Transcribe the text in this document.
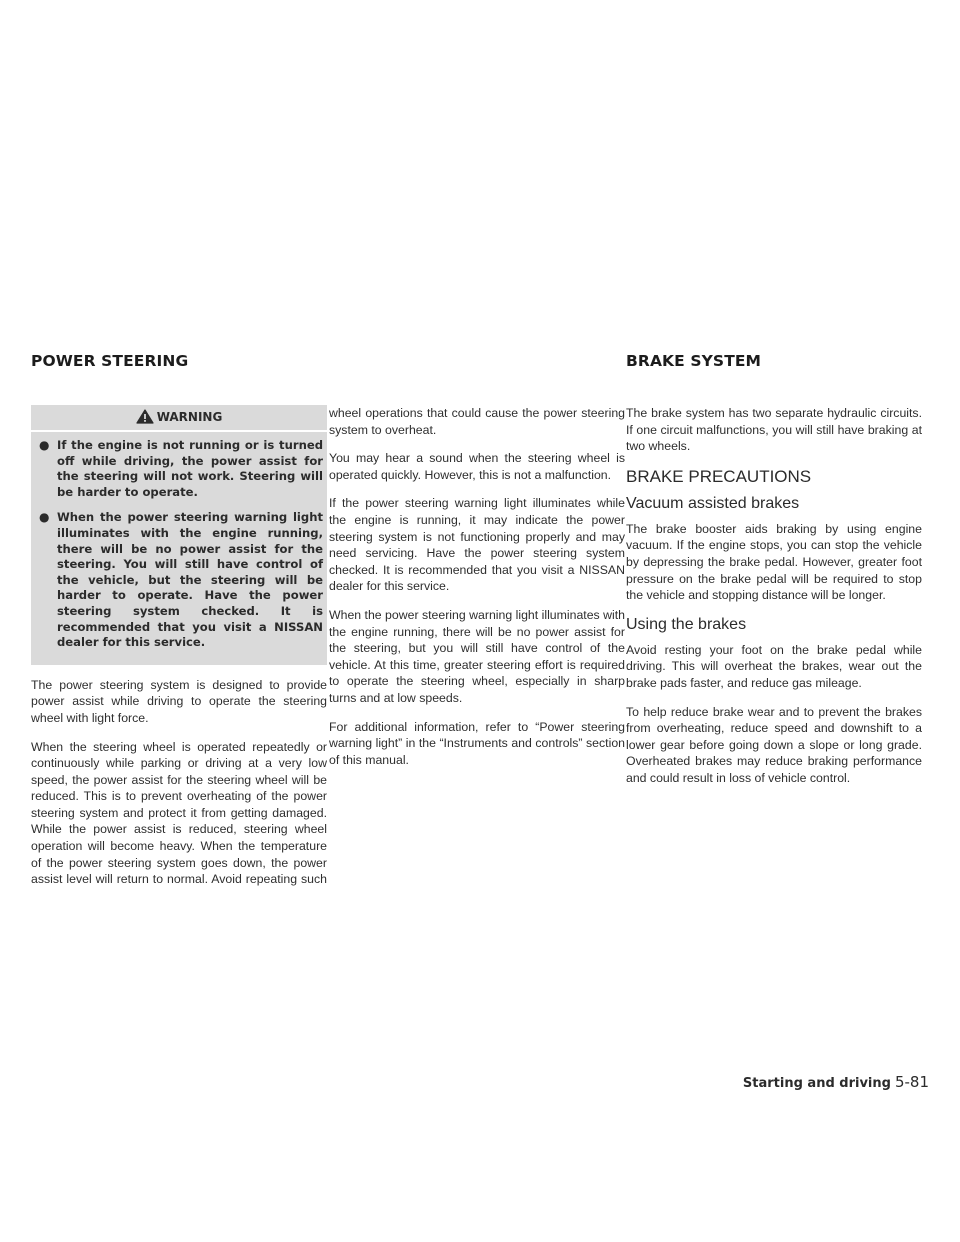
POWER STEERING	BRAKE SYSTEM
WARNING
● If the engine is not running or is turned off while driving, the power assist for the steering will not work. Steering will be harder to operate.
● When the power steering warning light illuminates with the engine running, there will be no power assist for the steering. You will still have control of the vehicle, but the steering will be harder to operate. Have the power steering system checked. It is recommended that you visit a NISSAN dealer for this service.

The power steering system is designed to provide power assist while driving to operate the steering wheel with light force.

When the steering wheel is operated repeatedly or continuously while parking or driving at a very low speed, the power assist for the steering wheel will be reduced. This is to prevent overheating of the power steering system and protect it from getting damaged. While the power assist is reduced, steering wheel operation will become heavy. When the temperature of the power steering system goes down, the power assist level will return to normal. Avoid repeating such

wheel operations that could cause the power steering system to overheat.

You may hear a sound when the steering wheel is operated quickly. However, this is not a malfunction.

If the power steering warning light illuminates while the engine is running, it may indicate the power steering system is not functioning properly and may need servicing. Have the power steering system checked. It is recommended that you visit a NISSAN dealer for this service.

When the power steering warning light illuminates with the engine running, there will be no power assist for the steering, but you will still have control of the vehicle. At this time, greater steering effort is required to operate the steering wheel, especially in sharp turns and at low speeds.

For additional information, refer to “Power steering warning light” in the “Instruments and controls” section of this manual.

The brake system has two separate hydraulic circuits. If one circuit malfunctions, you will still have braking at two wheels.

BRAKE PRECAUTIONS
Vacuum assisted brakes

The brake booster aids braking by using engine vacuum. If the engine stops, you can stop the vehicle by depressing the brake pedal. However, greater foot pressure on the brake pedal will be required to stop the vehicle and stopping distance will be longer.

Using the brakes

Avoid resting your foot on the brake pedal while driving. This will overheat the brakes, wear out the brake pads faster, and reduce gas mileage.

To help reduce brake wear and to prevent the brakes from overheating, reduce speed and downshift to a lower gear before going down a slope or long grade. Overheated brakes may reduce braking performance and could result in loss of vehicle control.

Starting and driving 5-81
